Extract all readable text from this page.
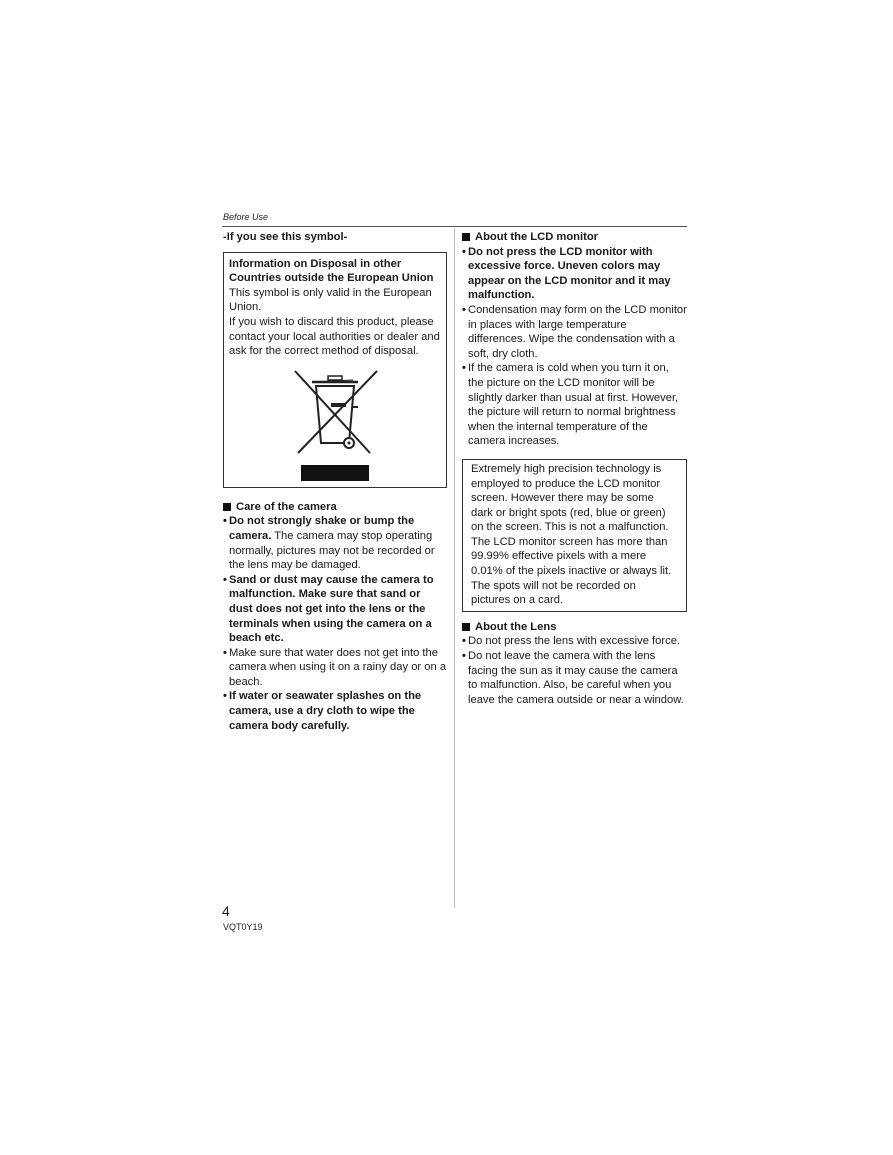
Before Use

-If you see this symbol-

Information on Disposal in other Countries outside the European Union

This symbol is only valid in the European Union.

If you wish to discard this product, please contact your local authorities or dealer and ask for the correct method of disposal.

Care of the camera

• Do not strongly shake or bump the camera. The camera may stop operating normally, pictures may not be recorded or the lens may be damaged.
• Sand or dust may cause the camera to malfunction. Make sure that sand or dust does not get into the lens or the terminals when using the camera on a beach etc.
• Make sure that water does not get into the camera when using it on a rainy day or on a beach.
• If water or seawater splashes on the camera, use a dry cloth to wipe the camera body carefully.

About the LCD monitor

• Do not press the LCD monitor with excessive force. Uneven colors may appear on the LCD monitor and it may malfunction.
• Condensation may form on the LCD monitor in places with large temperature differences. Wipe the condensation with a soft, dry cloth.
• If the camera is cold when you turn it on, the picture on the LCD monitor will be slightly darker than usual at first. However, the picture will return to normal brightness when the internal temperature of the camera increases.
Extremely high precision technology is employed to produce the LCD monitor screen. However there may be some dark or bright spots (red, blue or green) on the screen. This is not a malfunction. The LCD monitor screen has more than 99.99% effective pixels with a mere 0.01% of the pixels inactive or always lit. The spots will not be recorded on pictures on a card.

About the Lens

• Do not press the lens with excessive force.
• Do not leave the camera with the lens facing the sun as it may cause the camera to malfunction. Also, be careful when you leave the camera outside or near a window.
4
VQT0Y19
